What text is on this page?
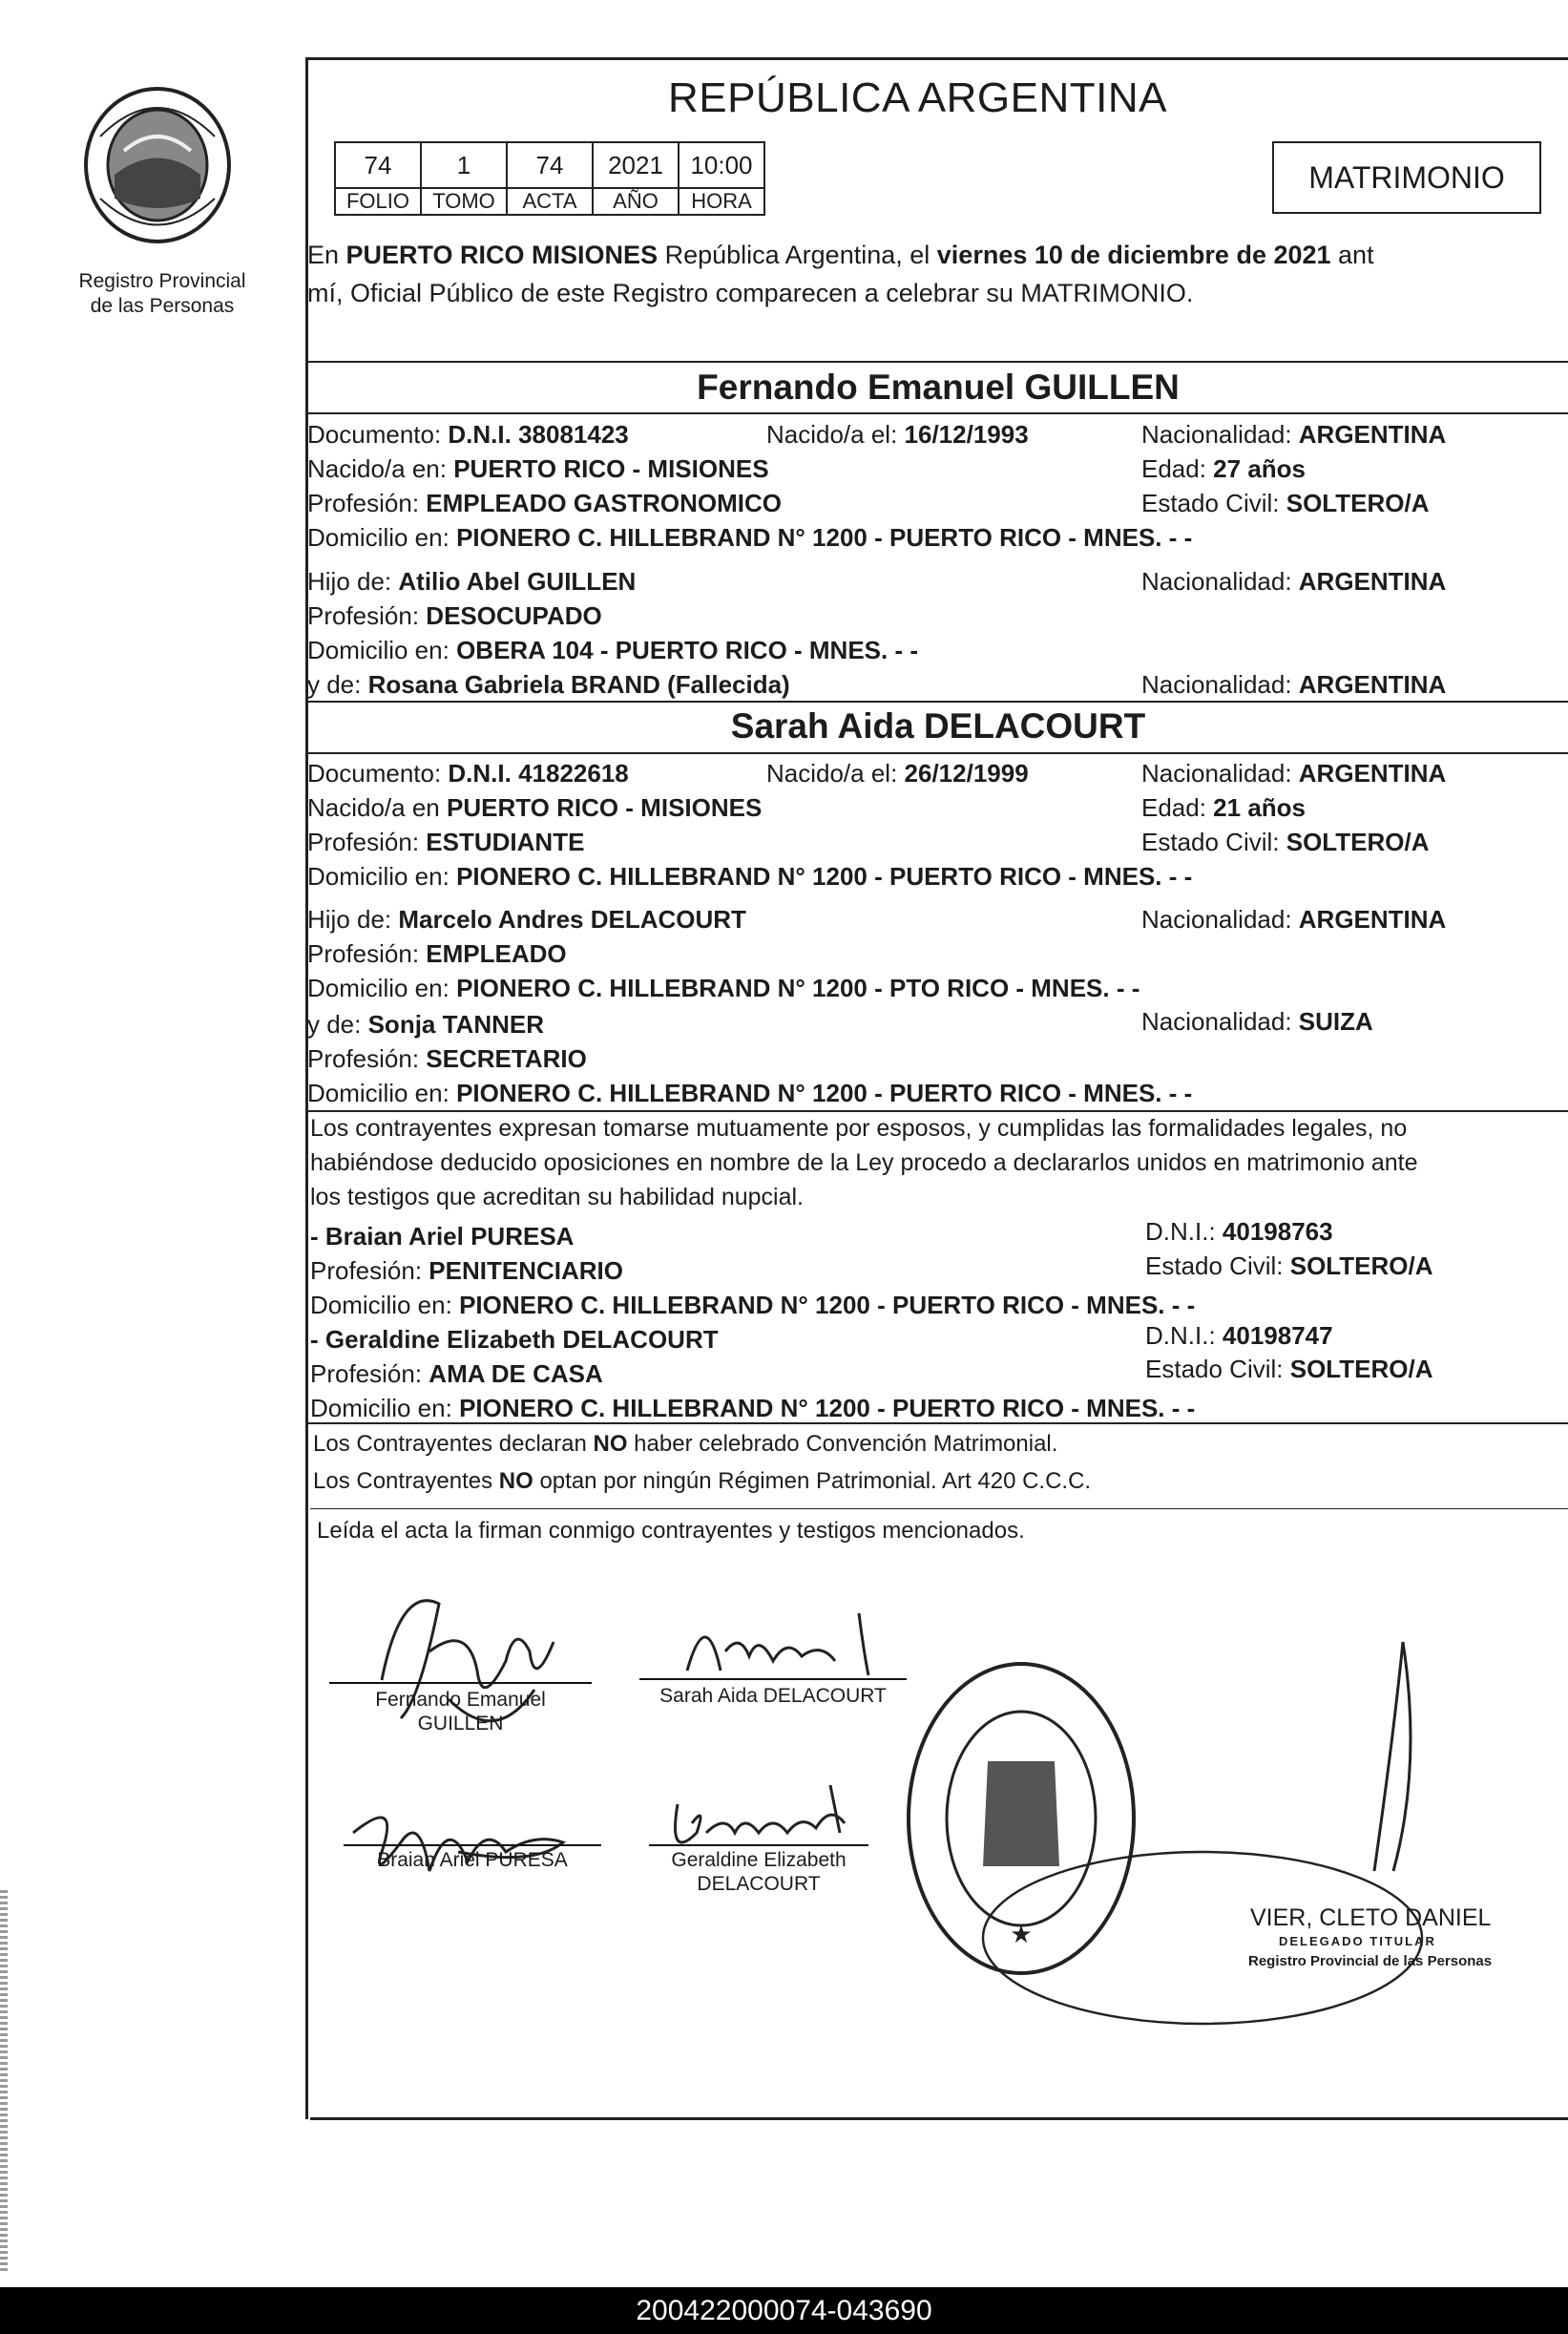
Registro Provincial
de las Personas
REPÚBLICA ARGENTINA
74	1	74	2021	10:00
FOLIO	TOMO	ACTA	AÑO	HORA
MATRIMONIO
En PUERTO RICO MISIONES República Argentina, el viernes 10 de diciembre de 2021 ant
mí, Oficial Público de este Registro comparecen a celebrar su MATRIMONIO.
Fernando Emanuel GUILLEN
Documento: D.N.I. 38081423	Nacido/a el: 16/12/1993	Nacionalidad: ARGENTINA
Nacido/a en: PUERTO RICO - MISIONES	Edad: 27 años
Profesión: EMPLEADO GASTRONOMICO	Estado Civil: SOLTERO/A
Domicilio en: PIONERO C. HILLEBRAND N° 1200 - PUERTO RICO - MNES. - -
Hijo de: Atilio Abel GUILLEN	Nacionalidad: ARGENTINA
Profesión: DESOCUPADO
Domicilio en: OBERA 104 - PUERTO RICO - MNES. - -
y de: Rosana Gabriela BRAND (Fallecida)	Nacionalidad: ARGENTINA
Sarah Aida DELACOURT
Documento: D.N.I. 41822618	Nacido/a el: 26/12/1999	Nacionalidad: ARGENTINA
Nacido/a en PUERTO RICO - MISIONES	Edad: 21 años
Profesión: ESTUDIANTE	Estado Civil: SOLTERO/A
Domicilio en: PIONERO C. HILLEBRAND N° 1200 - PUERTO RICO - MNES. - -
Hijo de: Marcelo Andres DELACOURT	Nacionalidad: ARGENTINA
Profesión: EMPLEADO
Domicilio en: PIONERO C. HILLEBRAND N° 1200 - PTO RICO - MNES. - -
y de: Sonja TANNER	Nacionalidad: SUIZA
Profesión: SECRETARIO
Domicilio en: PIONERO C. HILLEBRAND N° 1200 - PUERTO RICO - MNES. - -
Los contrayentes expresan tomarse mutuamente por esposos, y cumplidas las formalidades legales, no
habiéndose deducido oposiciones en nombre de la Ley procedo a declararlos unidos en matrimonio ante
los testigos que acreditan su habilidad nupcial.
- Braian Ariel PURESA	D.N.I.: 40198763
Profesión: PENITENCIARIO	Estado Civil: SOLTERO/A
Domicilio en: PIONERO C. HILLEBRAND N° 1200 - PUERTO RICO - MNES. - -
- Geraldine Elizabeth DELACOURT	D.N.I.: 40198747
Profesión: AMA DE CASA	Estado Civil: SOLTERO/A
Domicilio en: PIONERO C. HILLEBRAND N° 1200 - PUERTO RICO - MNES. - -
Los Contrayentes declaran NO haber celebrado Convención Matrimonial.
Los Contrayentes NO optan por ningún Régimen Patrimonial. Art 420 C.C.C.
Leída el acta la firman conmigo contrayentes y testigos mencionados.
Fernando Emanuel
GUILLEN
Sarah Aida DELACOURT
Braian Ariel PURESA	Geraldine Elizabeth
DELACOURT
★
VIER, CLETO DANIEL
DELEGADO TITULAR
Registro Provincial de las Personas
200422000074-043690
